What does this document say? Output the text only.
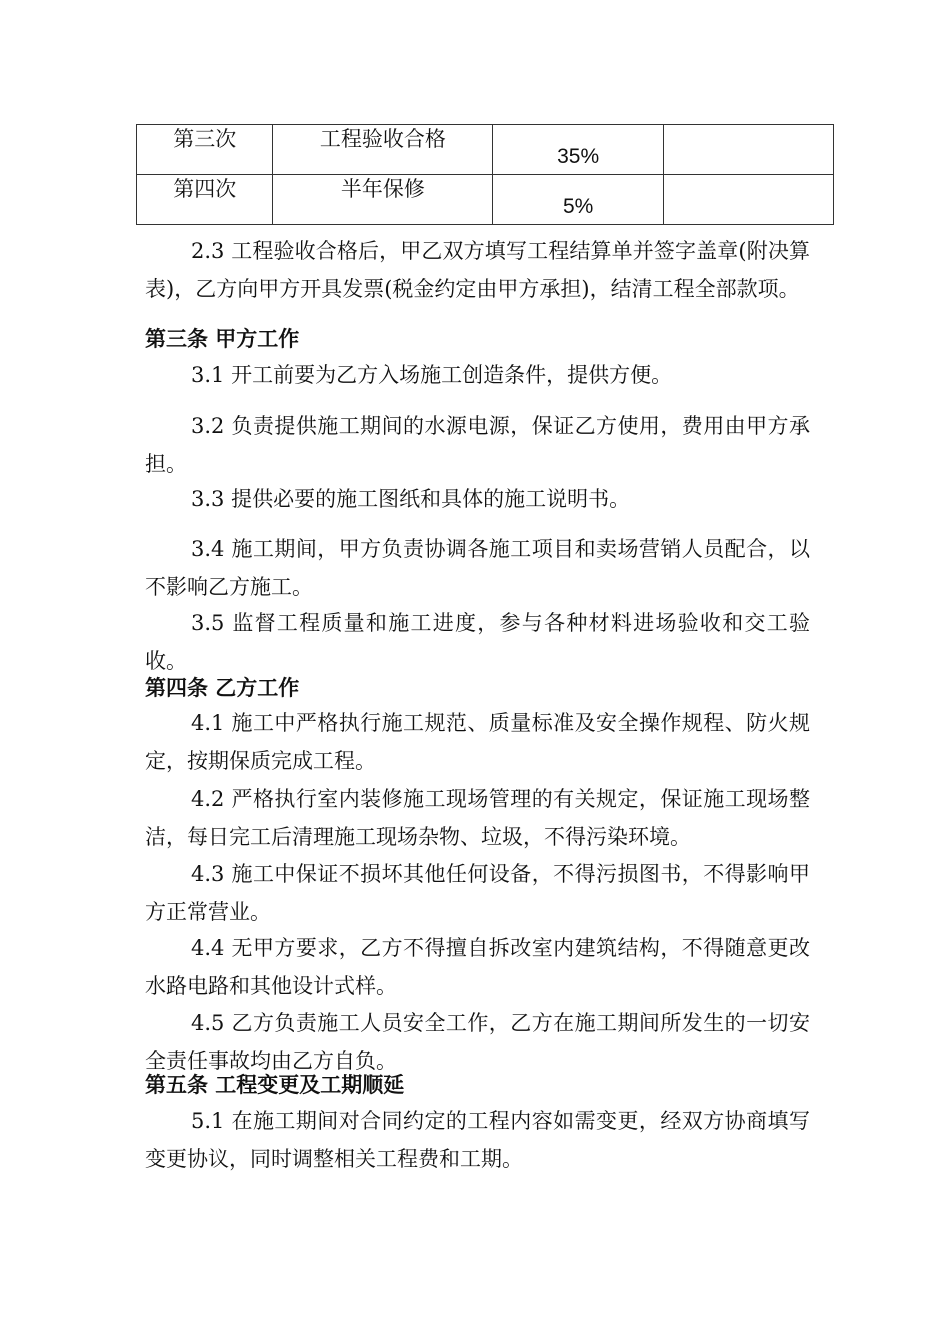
第三次	工程验收合格	35%	

第四次	半年保修	5%	

2.3 工程验收合格后，甲乙双方填写工程结算单并签字盖章(附决算表)，乙方向甲方开具发票(税金约定由甲方承担)，结清工程全部款项。

第三条 甲方工作

3.1 开工前要为乙方入场施工创造条件，提供方便。

3.2 负责提供施工期间的水源电源，保证乙方使用，费用由甲方承担。

3.3 提供必要的施工图纸和具体的施工说明书。

3.4 施工期间，甲方负责协调各施工项目和卖场营销人员配合，以不影响乙方施工。

3.5 监督工程质量和施工进度，参与各种材料进场验收和交工验收。

第四条 乙方工作

4.1 施工中严格执行施工规范、质量标准及安全操作规程、防火规定，按期保质完成工程。

4.2 严格执行室内装修施工现场管理的有关规定，保证施工现场整洁，每日完工后清理施工现场杂物、垃圾，不得污染环境。

4.3 施工中保证不损坏其他任何设备，不得污损图书，不得影响甲方正常营业。

4.4 无甲方要求，乙方不得擅自拆改室内建筑结构，不得随意更改水路电路和其他设计式样。

4.5 乙方负责施工人员安全工作，乙方在施工期间所发生的一切安全责任事故均由乙方自负。

第五条 工程变更及工期顺延

5.1 在施工期间对合同约定的工程内容如需变更，经双方协商填写变更协议，同时调整相关工程费和工期。
